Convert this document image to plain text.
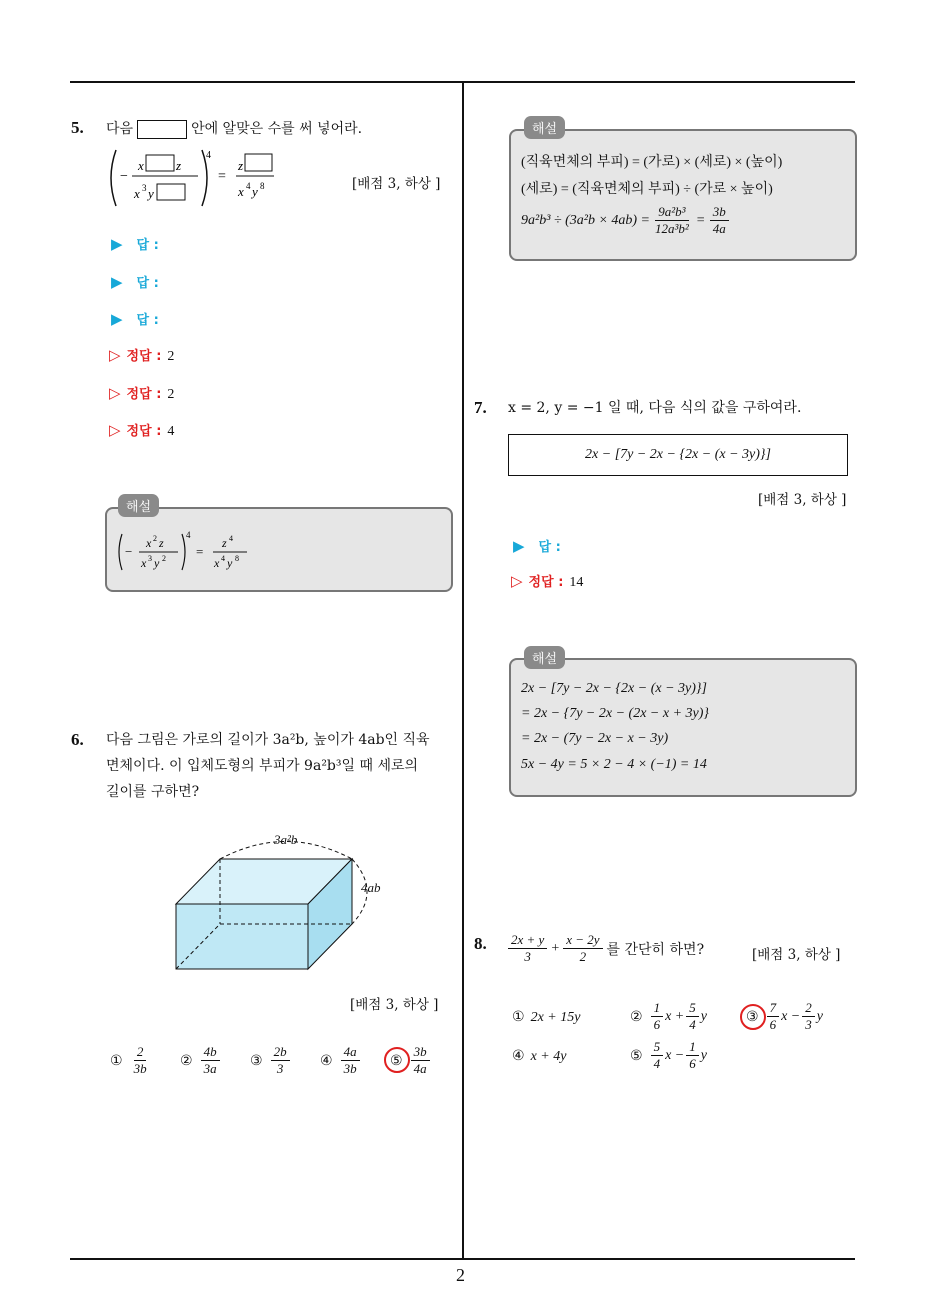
2
5. 다음	안에 알맞은 수를 써 넣어라.
−
x z
x 3 y
4
=
z
x 4 y 8	[배점 3, 하상 ]
▶ 답 :
▶ 답 :
▶ 답 :
▷ 정답 : 2
▷ 정답 : 2
▷ 정답 : 4
해설
−
x 2 z
x 3 y 2
4
=
z 4
x 4 y 8
6. 다음 그림은 가로의 길이가 3a²b, 높이가 4ab인 직육
면체이다. 이 입체도형의 부피가 9a²b³일 때 세로의
길이를 구하면?
3a²b
4ab
[배점 3, 하상 ]
① $\frac{2}{3b}$ ② $\frac{4b}{3a}$ ③ $\frac{2b}{3}$ ④ $\frac{4a}{3b}$ ⑤ $\frac{3b}{4a}$
해설
(직육면체의 부피) = (가로) × (세로) × (높이)
(세로) = (직육면체의 부피) ÷ (가로 × 높이)
$9a^2b^3 \div (3a^2b \times 4ab) = \frac{\text{9a²b³}}{\text{12a³b²}} = \frac{3b}{4a}$
7. x = 2, y = −1 일 때, 다음 식의 값을 구하여라.
2x − [7y − 2x − {2x − (x − 3y)}]
[배점 3, 하상 ]
▶ 답 :
▷ 정답 : 14
해설
2x − [7y − 2x − {2x − (x − 3y)}]
= 2x − {7y − 2x − (2x − x + 3y)}
= 2x − (7y − 2x − x − 3y)
5x − 4y = 5 × 2 − 4 × (−1) = 14
8. $\frac{2x + y}{3} + \frac{x - 2y}{2}$ 를 간단히 하면?	[배점 3, 하상 ]
① 2x + 15y	② $\frac{1}{6}$ $x + \frac{5}{4}$ y	③ $\frac{7}{6}$ $x - \frac{2}{3}$ y
④ x + 4y	⑤ $\frac{5}{4}$ $x - \frac{1}{6}$ y
